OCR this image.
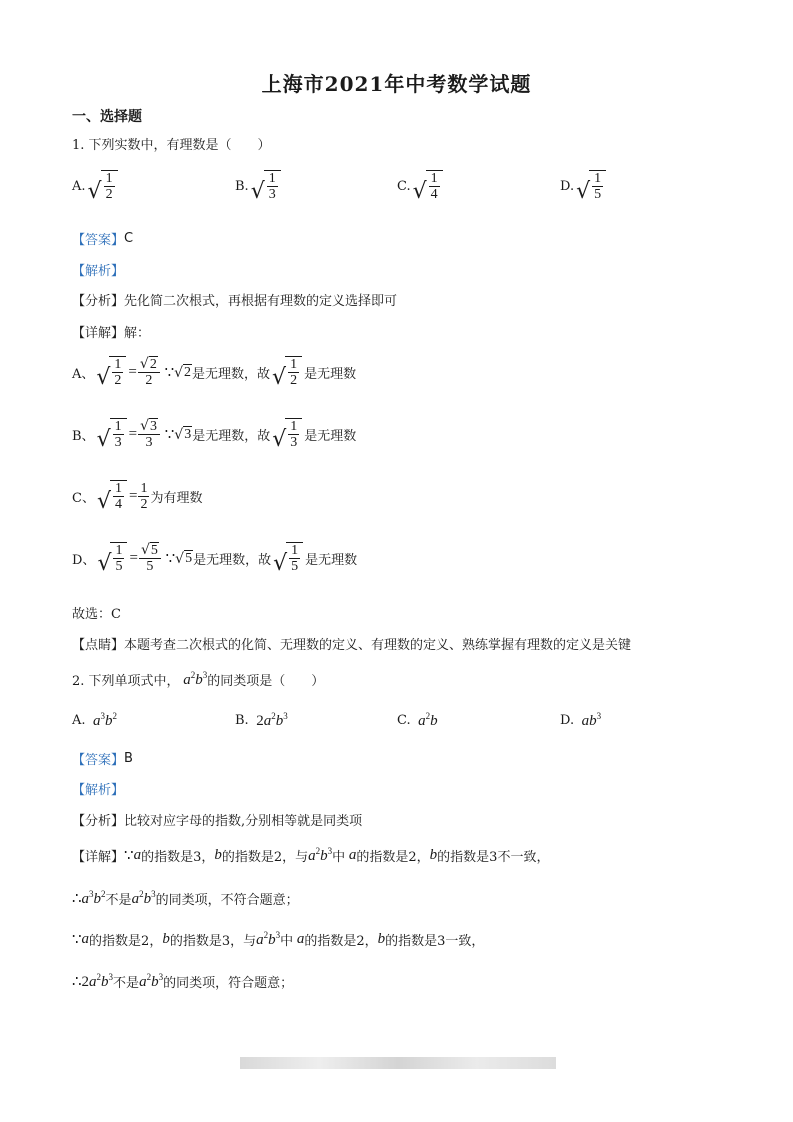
上海市2021年中考数学试题
一、选择题
1. 下列实数中，有理数是（　　）
A. √ $\frac{1}{2}$	B. √ $\frac{1}{3}$	C. √ $\frac{1}{4}$	D. √ $\frac{1}{5}$
【答案】 C
【解析】
【分析】 先化简二次根式，再根据有理数的定义选择即可
【详解】 解：
A、 √ $\frac{1}{2} = \frac{√ 2}{2}$ ∵ √ 2 是无理数，故 √ $\frac{1}{2}$ 是无理数
B、 √ $\frac{1}{3} = \frac{√ 3}{3}$ ∵ √ 3 是无理数，故 √ $\frac{1}{3}$ 是无理数
C、 √ $\frac{1}{4} = \frac{1}{2}$ 为有理数
D、 √ $\frac{1}{5} = \frac{√ 5}{5}$ ∵ √ 5 是无理数，故 √ $\frac{1}{5}$ 是无理数
故选：C
【点睛】 本题考查二次根式的化简、无理数的定义、有理数的定义、熟练掌握有理数的定义是关键
2. 下列单项式中， $a^2b^3$ 的同类项是（　　）
A. $a^3b^2$	B. $2a^2b^3$	C. $a^2b$	D. $ab^3$
【答案】 B
【解析】
【分析】 比较对应字母的指数,分别相等就是同类项
【详解】 ∵ a 的指数是3， b 的指数是2，与 $a^2b^3$ 中 a 的指数是2， b 的指数是3不一致，
∴ $a^3b^2$ 不是 $a^2b^3$ 的同类项，不符合题意；
∵ a 的指数是2， b 的指数是3，与 $a^2b^3$ 中 a 的指数是2， b 的指数是3一致，
∴ $2a^2b^3$ 不是 $a^2b^3$ 的同类项，符合题意；
